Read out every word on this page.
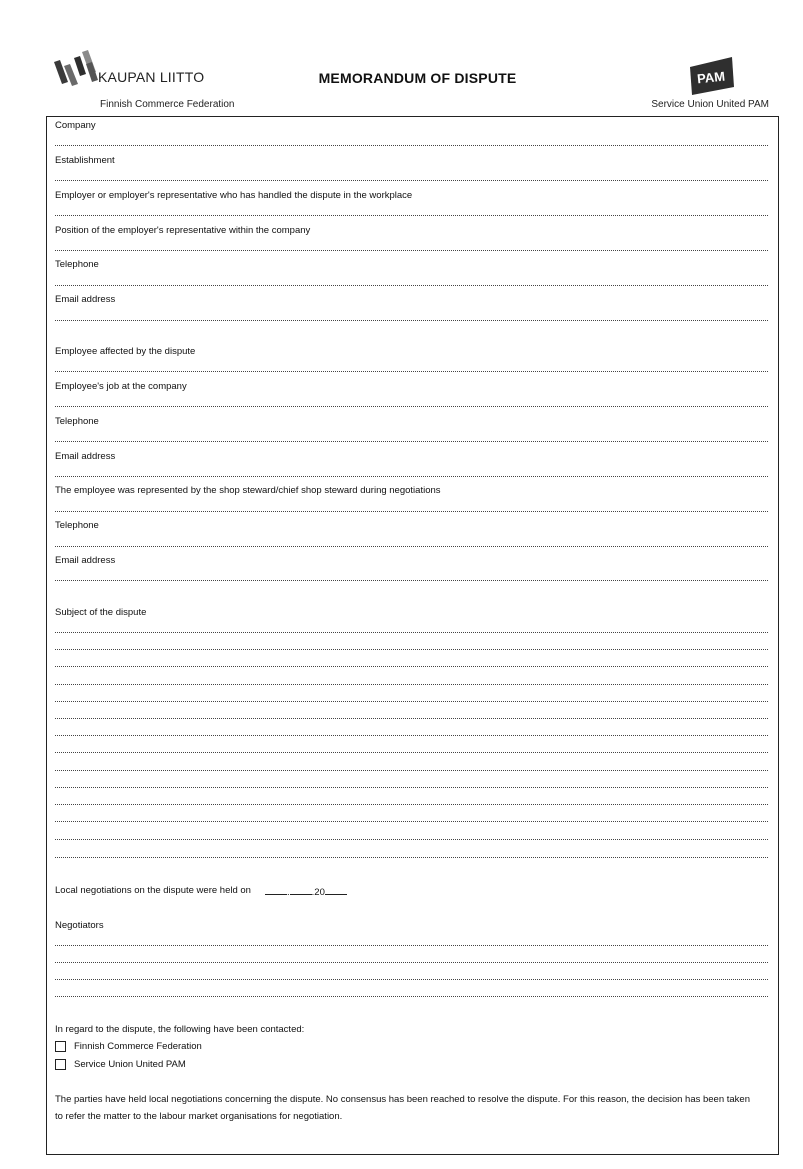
KAUPAN LIITTO
Finnish Commerce Federation
MEMORANDUM OF DISPUTE	PAM
Service Union United PAM
Company
Establishment
Employer or employer's representative who has handled the dispute in the workplace
Position of the employer's representative within the company
Telephone
Email address
Employee affected by the dispute
Employee's job at the company
Telephone
Email address
The employee was represented by the shop steward/chief shop steward during negotiations
Telephone
Email address
Subject of the dispute
Local negotiations on the dispute were held on	. .20
Negotiators
In regard to the dispute, the following have been contacted:
Finnish Commerce Federation
Service Union United PAM
The parties have held local negotiations concerning the dispute. No consensus has been reached to resolve the dispute. For this reason, the decision has been taken to refer the matter to the labour market organisations for negotiation.
